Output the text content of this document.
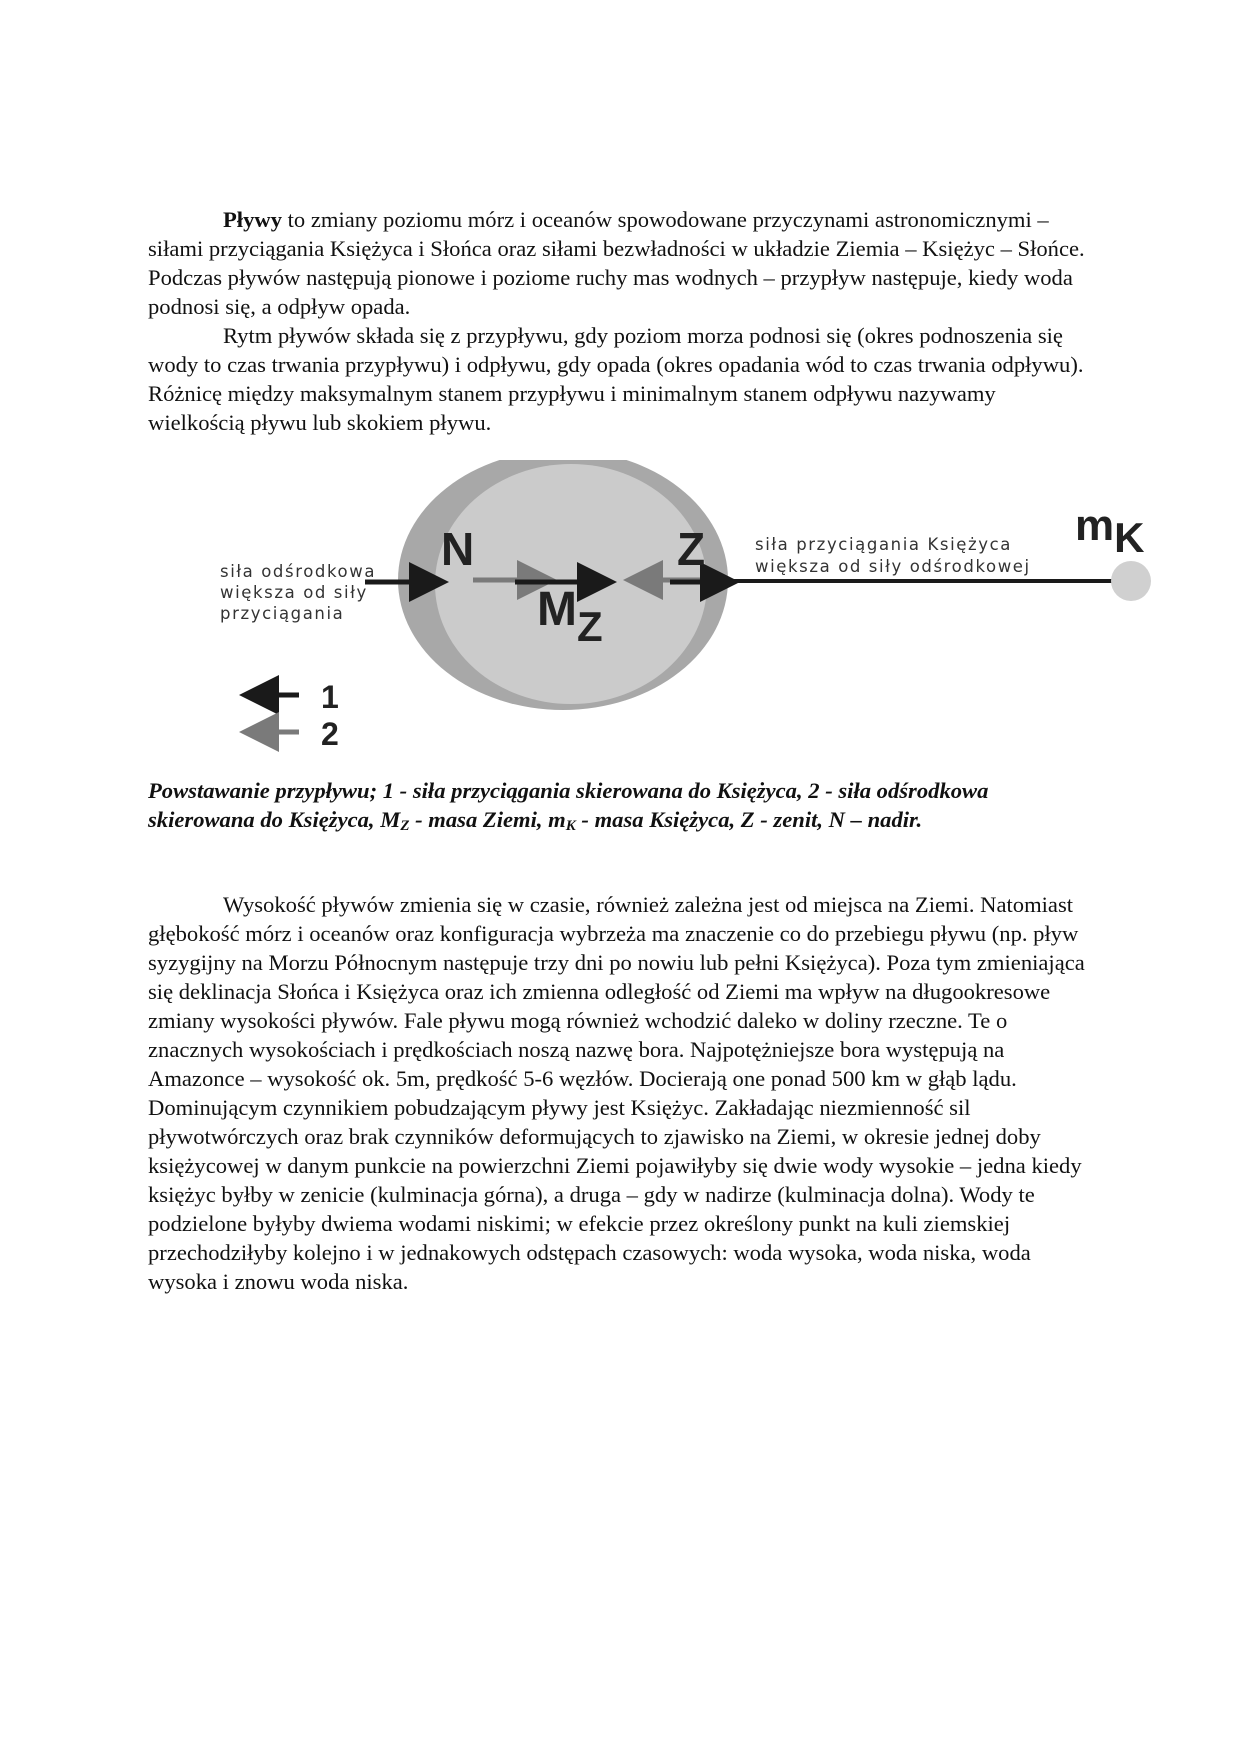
Pływy to zmiany poziomu mórz i oceanów spowodowane przyczynami astronomicznymi – siłami przyciągania Księżyca i Słońca oraz siłami bezwładności w układzie Ziemia – Księżyc – Słońce. Podczas pływów następują pionowe i poziome ruchy mas wodnych – przypływ następuje, kiedy woda podnosi się, a odpływ opada.

Rytm pływów składa się z przypływu, gdy poziom morza podnosi się (okres podnoszenia się wody to czas trwania przypływu) i odpływu, gdy opada (okres opadania wód to czas trwania odpływu). Różnicę między maksymalnym stanem przypływu i minimalnym stanem odpływu nazywamy wielkością pływu lub skokiem pływu.

N	Z
MZ
mK
siła odśrodkowa
większa od siły
przyciągania
siła przyciągania Księżyca
większa od siły odśrodkowej
1
2
Powstawanie przypływu; 1 - siła przyciągania skierowana do Księżyca, 2 - siła odśrodkowa skierowana do Księżyca, $M_Z$ - masa Ziemi, $m_K$ - masa Księżyca, Z - zenit, N – nadir.

Wysokość pływów zmienia się w czasie, również zależna jest od miejsca na Ziemi. Natomiast głębokość mórz i oceanów oraz konfiguracja wybrzeża ma znaczenie co do przebiegu pływu (np. pływ syzygijny na Morzu Północnym następuje trzy dni po nowiu lub pełni Księżyca). Poza tym zmieniająca się deklinacja Słońca i Księżyca oraz ich zmienna odległość od Ziemi ma wpływ na długookresowe zmiany wysokości pływów. Fale pływu mogą również wchodzić daleko w doliny rzeczne. Te o znacznych wysokościach i prędkościach noszą nazwę bora. Najpotężniejsze bora występują na Amazonce – wysokość ok. 5m, prędkość 5-6 węzłów. Docierają one ponad 500 km w głąb lądu.

Dominującym czynnikiem pobudzającym pływy jest Księżyc. Zakładając niezmienność sil pływotwórczych oraz brak czynników deformujących to zjawisko na Ziemi, w okresie jednej doby księżycowej w danym punkcie na powierzchni Ziemi pojawiłyby się dwie wody wysokie – jedna kiedy księżyc byłby w zenicie (kulminacja górna), a druga – gdy w nadirze (kulminacja dolna). Wody te podzielone byłyby dwiema wodami niskimi; w efekcie przez określony punkt na kuli ziemskiej przechodziłyby kolejno i w jednakowych odstępach czasowych: woda wysoka, woda niska, woda wysoka i znowu woda niska.
